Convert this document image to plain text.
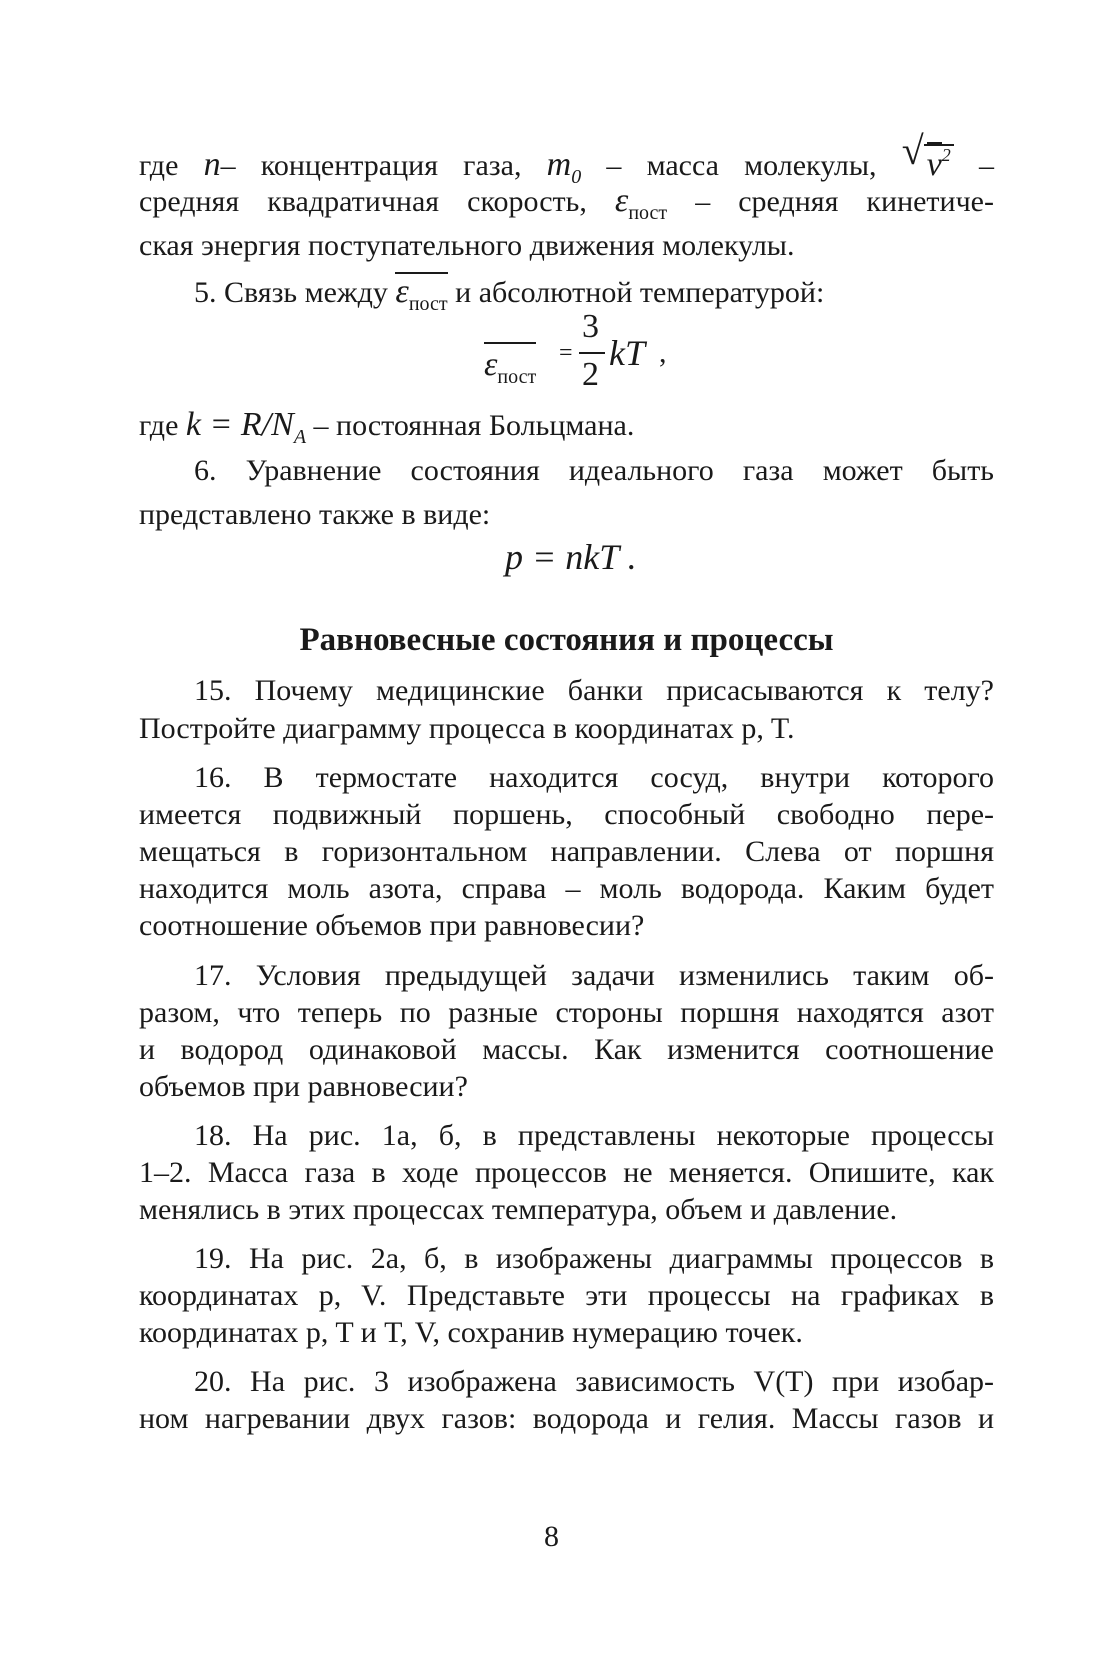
где n– концентрация газа, $m_0$ – масса молекулы, √ $v^2$ –
средняя квадратичная скорость, $\varepsilon_{пост}$ – средняя кинетиче-
ская энергия поступательного движения молекулы.
5. Связь между $\varepsilon_{пост}$ и абсолютной температурой:
$\varepsilon_{пост}$
=
3
2
kT ,
где $k = R/N_A$ – постоянная Больцмана.
6. Уравнение состояния идеального газа может быть
представлено также в виде:
p = nkT .
Равновесные состояния и процессы
15. Почему медицинские банки присасываются к телу?
Постройте диаграмму процесса в координатах p, T.
16. В термостате находится сосуд, внутри которого
имеется подвижный поршень, способный свободно пере-
мещаться в горизонтальном направлении. Слева от поршня
находится моль азота, справа – моль водорода. Каким будет
соотношение объемов при равновесии?
17. Условия предыдущей задачи изменились таким об-
разом, что теперь по разные стороны поршня находятся азот
и водород одинаковой массы. Как изменится соотношение
объемов при равновесии?
18. На рис. 1а, б, в представлены некоторые процессы
1–2. Масса газа в ходе процессов не меняется. Опишите, как
менялись в этих процессах температура, объем и давление.
19. На рис. 2а, б, в изображены диаграммы процессов в
координатах p, V. Представьте эти процессы на графиках в
координатах p, T и T, V, сохранив нумерацию точек.
20. На рис. 3 изображена зависимость V(T) при изобар-
ном нагревании двух газов: водорода и гелия. Массы газов и
8
